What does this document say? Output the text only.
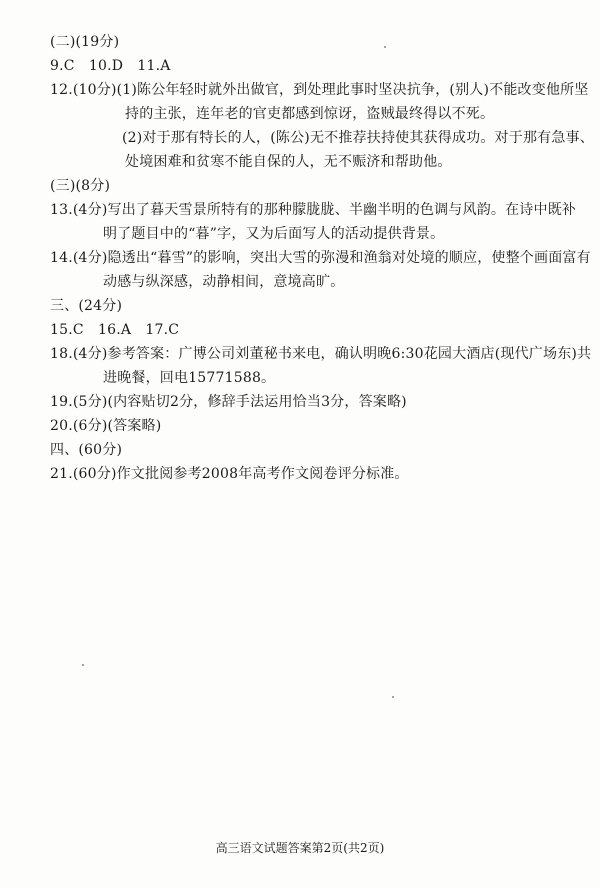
(二)(19分)
9.C　10.D　11.A
12.(10分)(1)陈公年轻时就外出做官，到处理此事时坚决抗争，(别人)不能改变他所坚
持的主张，连年老的官吏都感到惊讶，盗贼最终得以不死。
(2)对于那有特长的人，(陈公)无不推荐扶持使其获得成功。对于那有急事、
处境困难和贫寒不能自保的人，无不赈济和帮助他。
(三)(8分)
13.(4分)写出了暮天雪景所特有的那种朦胧胧、半幽半明的色调与风韵。在诗中既补
明了题目中的“暮”字，又为后面写人的活动提供背景。
14.(4分)隐透出“暮雪”的影响，突出大雪的弥漫和渔翁对处境的顺应，使整个画面富有
动感与纵深感，动静相间，意境高旷。
三、(24分)
15.C　16.A　17.C
18.(4分)参考答案：广博公司刘董秘书来电，确认明晚6:30花园大酒店(现代广场东)共
进晚餐，回电15771588。
19.(5分)(内容贴切2分，修辞手法运用恰当3分，答案略)
20.(6分)(答案略)
四、(60分)
21.(60分)作文批阅参考2008年高考作文阅卷评分标准。
高三语文试题答案第2页(共2页)
